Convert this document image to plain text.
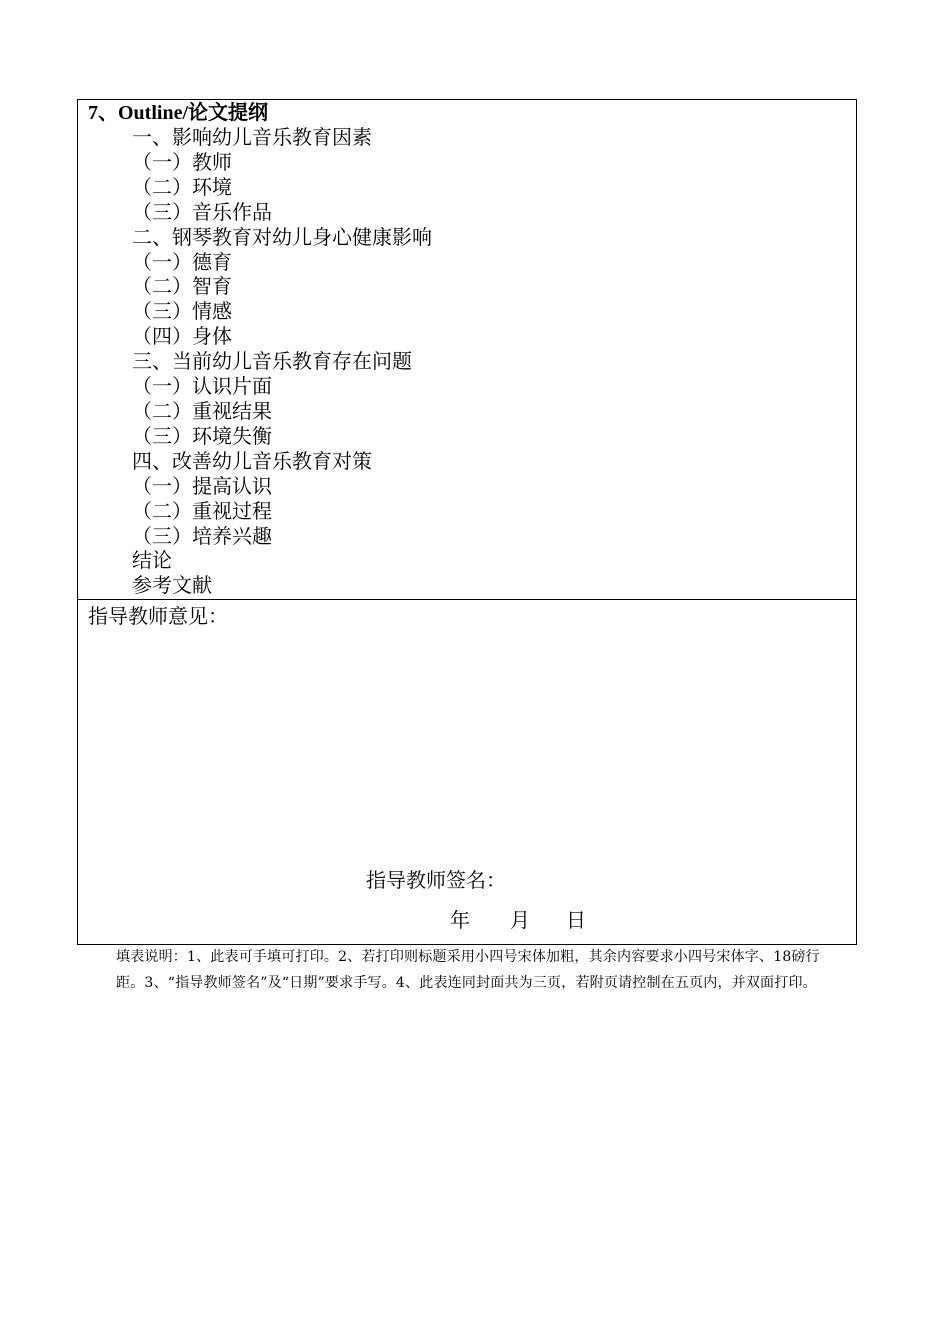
7、Outline/论文提纲
一、影响幼儿音乐教育因素
（一）教师
（二）环境
（三）音乐作品
二、钢琴教育对幼儿身心健康影响
（一）德育
（二）智育
（三）情感
（四）身体
三、当前幼儿音乐教育存在问题
（一）认识片面
（二）重视结果
（三）环境失衡
四、改善幼儿音乐教育对策
（一）提高认识
（二）重视过程
（三）培养兴趣
结论
参考文献
指导教师意见：
指导教师签名：
年 月 日
填表说明：1、此表可手填可打印。2、若打印则标题采用小四号宋体加粗，其余内容要求小四号宋体字、18磅行距。3、“指导教师签名”及“日期”要求手写。4、此表连同封面共为三页，若附页请控制在五页内，并双面打印。
